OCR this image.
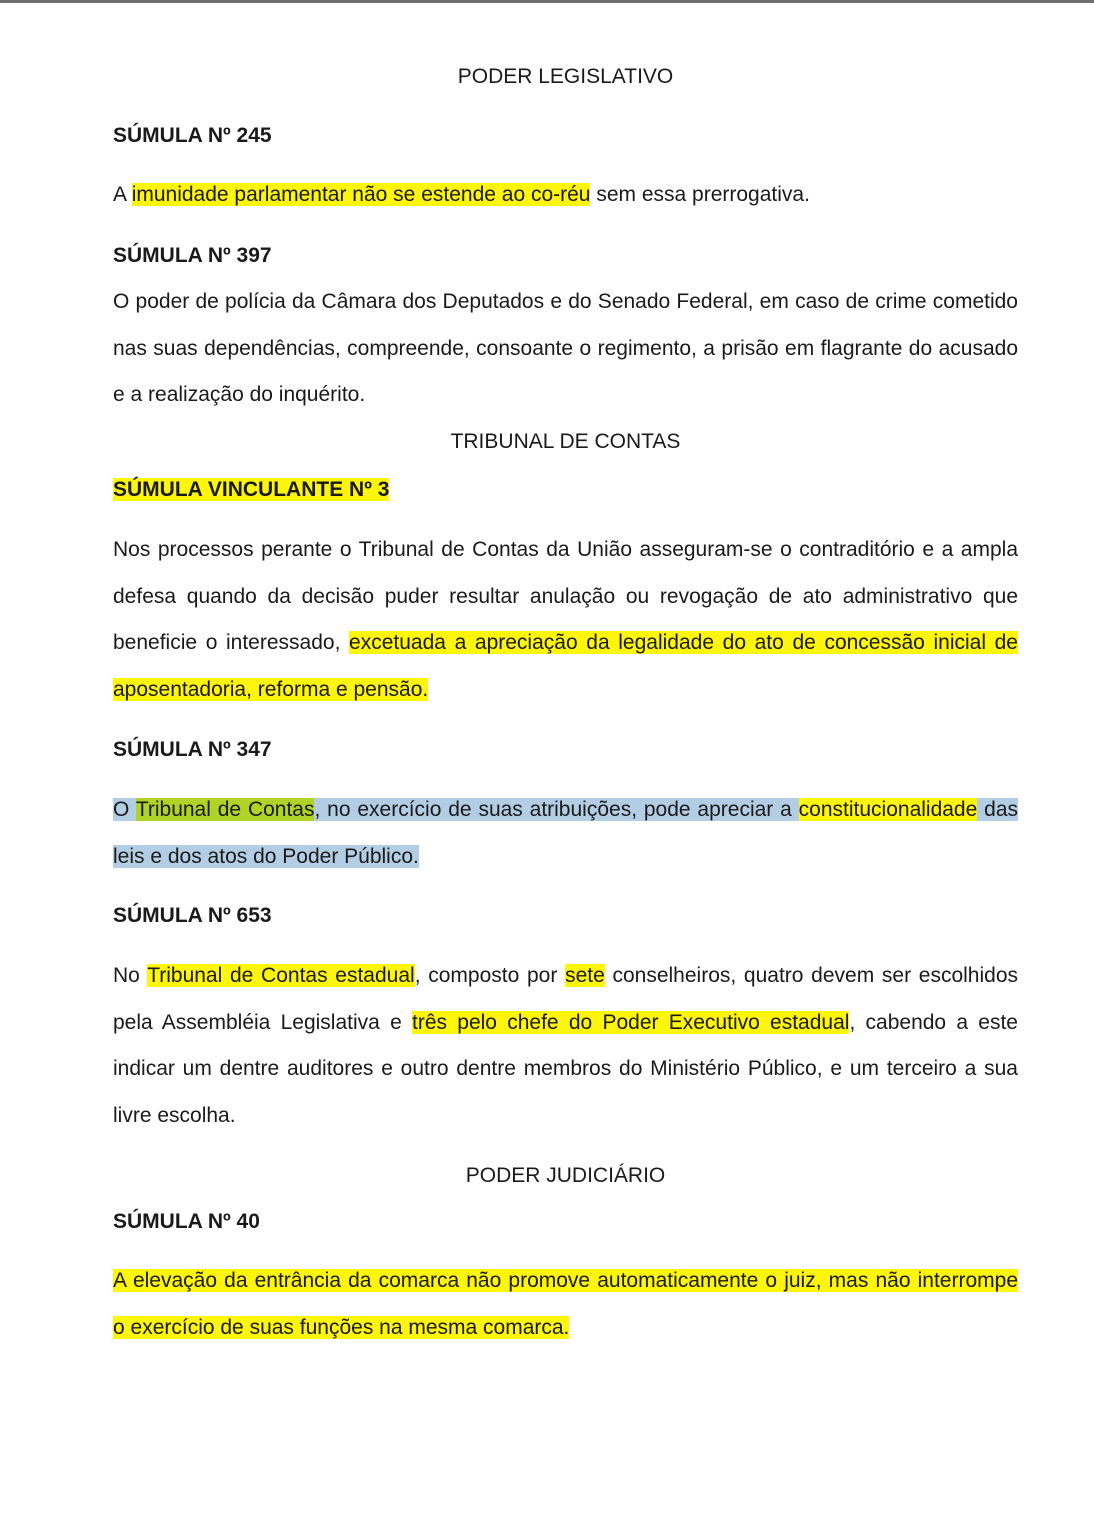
PODER LEGISLATIVO
SÚMULA Nº 245
A imunidade parlamentar não se estende ao co-réu sem essa prerrogativa.
SÚMULA Nº 397
O poder de polícia da Câmara dos Deputados e do Senado Federal, em caso de crime cometido nas suas dependências, compreende, consoante o regimento, a prisão em flagrante do acusado e a realização do inquérito.
TRIBUNAL DE CONTAS
SÚMULA VINCULANTE Nº 3
Nos processos perante o Tribunal de Contas da União asseguram-se o contraditório e a ampla defesa quando da decisão puder resultar anulação ou revogação de ato administrativo que beneficie o interessado, excetuada a apreciação da legalidade do ato de concessão inicial de aposentadoria, reforma e pensão.
SÚMULA Nº 347
O Tribunal de Contas, no exercício de suas atribuições, pode apreciar a constitucionalidade das leis e dos atos do Poder Público.
SÚMULA Nº 653
No Tribunal de Contas estadual, composto por sete conselheiros, quatro devem ser escolhidos pela Assembléia Legislativa e três pelo chefe do Poder Executivo estadual, cabendo a este indicar um dentre auditores e outro dentre membros do Ministério Público, e um terceiro a sua livre escolha.
PODER JUDICIÁRIO
SÚMULA Nº 40
A elevação da entrância da comarca não promove automaticamente o juiz, mas não interrompe o exercício de suas funções na mesma comarca.
